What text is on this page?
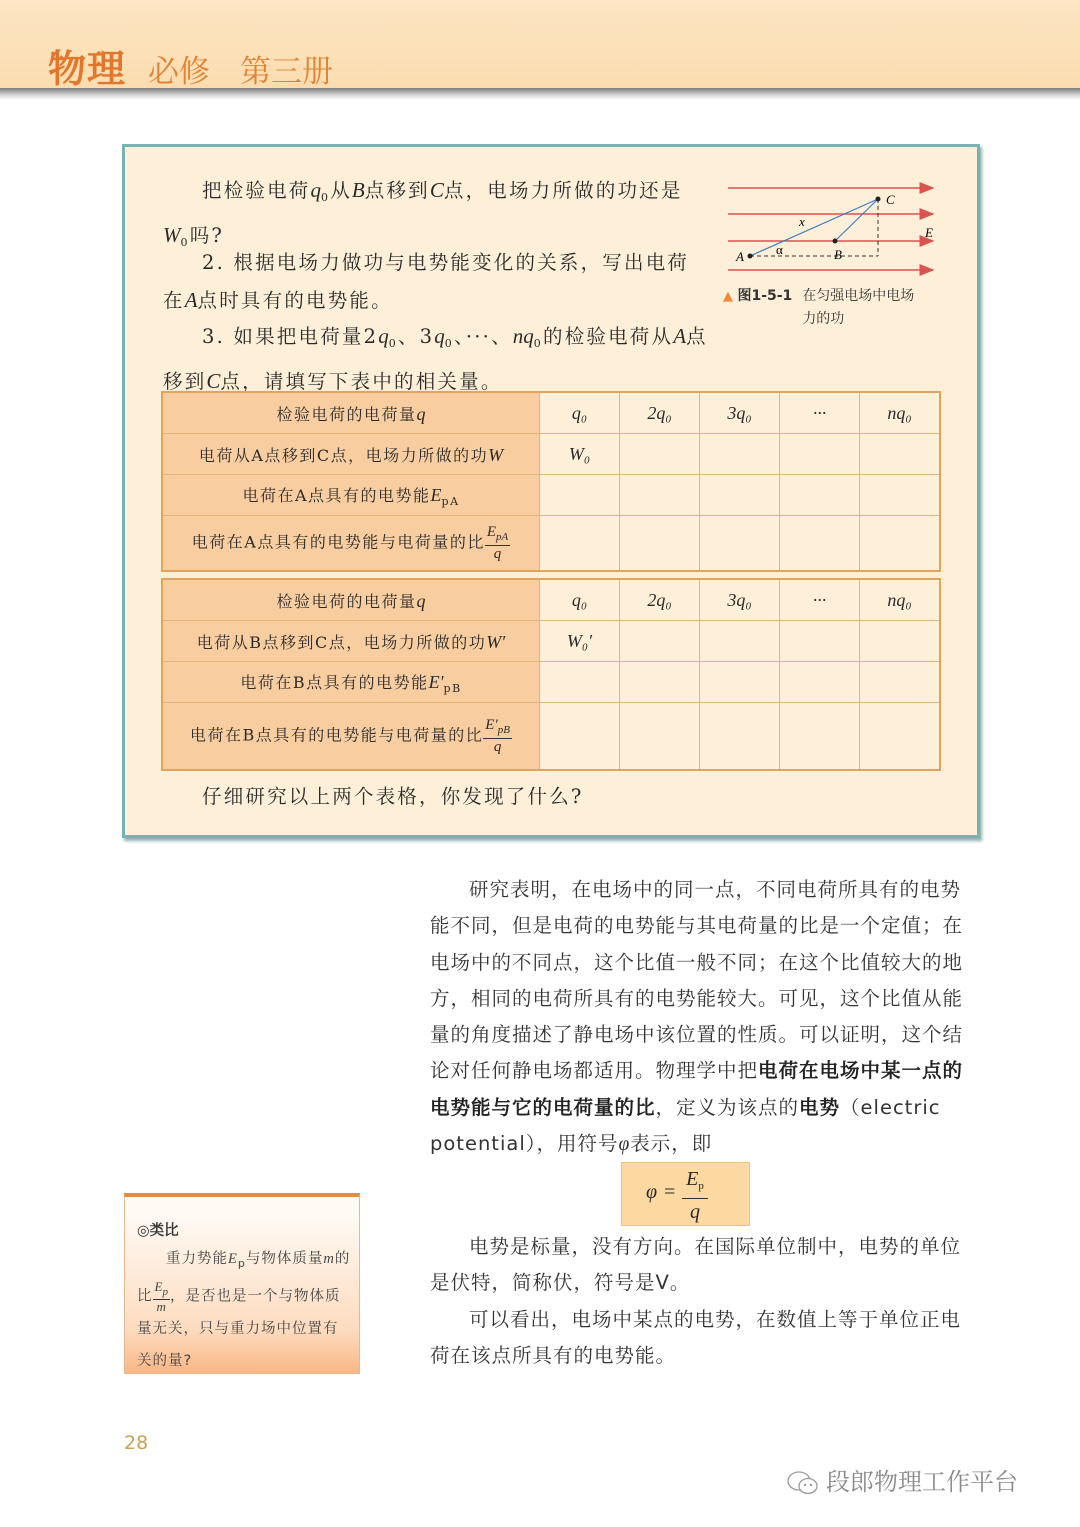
物理 必修 第三册
把检验电荷$q_0$从B点移到C点，电场力所做的功还是
$W_0$吗?
2. 根据电场力做功与电势能变化的关系，写出电荷在A点时具有的电势能。
3. 如果把电荷量$2q_0$、$3q_0$、···、$nq_0$的检验电荷从A点移到C点，请填写下表中的相关量。
A	B
C
E
x
α
▲ 图1-5-1 在匀强电场中电场力的功
检验电荷的电荷量q	q₀	2q₀	3q₀	···	nq₀
电荷从A点移到C点，电场力所做的功W	W₀				
电荷在A点具有的电势能$E_{pA}$					
电荷在A点具有的电势能与电荷量的比 $\frac{E_{pA}}{q}$

检验电荷的电荷量q	q₀	2q₀	3q₀	···	nq₀
电荷从B点移到C点，电场力所做的功W′	W₀′				
电荷在B点具有的电势能$E'_{pB}$					
电荷在B点具有的电势能与电荷量的比 $\frac{E'_{pB}}{q}$

仔细研究以上两个表格，你发现了什么?

研究表明，在电场中的同一点，不同电荷所具有的电势能不同，但是电荷的电势能与其电荷量的比是一个定值；在电场中的不同点，这个比值一般不同；在这个比值较大的地方，相同的电荷所具有的电势能较大。可见，这个比值从能量的角度描述了静电场中该位置的性质。可以证明，这个结论对任何静电场都适用。物理学中把电荷在电场中某一点的电势能与它的电荷量的比，定义为该点的电势（electric potential），用符号φ表示，即

φ =
$E_p$
q

电势是标量，没有方向。在国际单位制中，电势的单位是伏特，简称伏，符号是V。

可以看出，电场中某点的电势，在数值上等于单位正电荷在该点所具有的电势能。

◎类比
重力势能$E_p$与物体质量m的比 $\frac{E_p}{m}$ ，是否也是一个与物体质量无关，只与重力场中位置有关的量?
28
段郎物理工作平台
